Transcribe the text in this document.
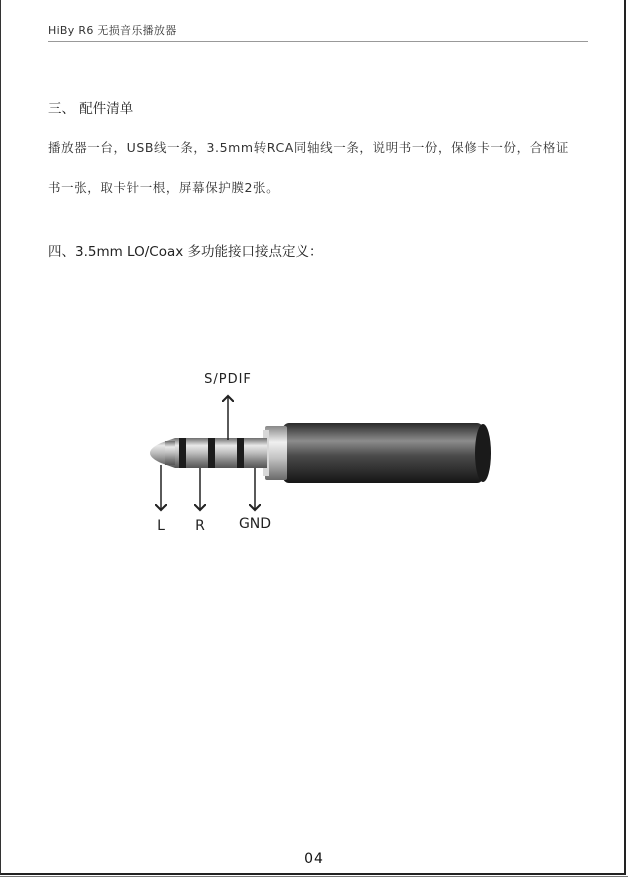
HiBy R6 无损音乐播放器
三、 配件清单
播放器一台，USB线一条，3.5mm转RCA同轴线一条，说明书一份，保修卡一份，合格证
书一张，取卡针一根，屏幕保护膜2张。
四、3.5mm LO/Coax 多功能接口接点定义：
S/PDIF
L R GND
04
